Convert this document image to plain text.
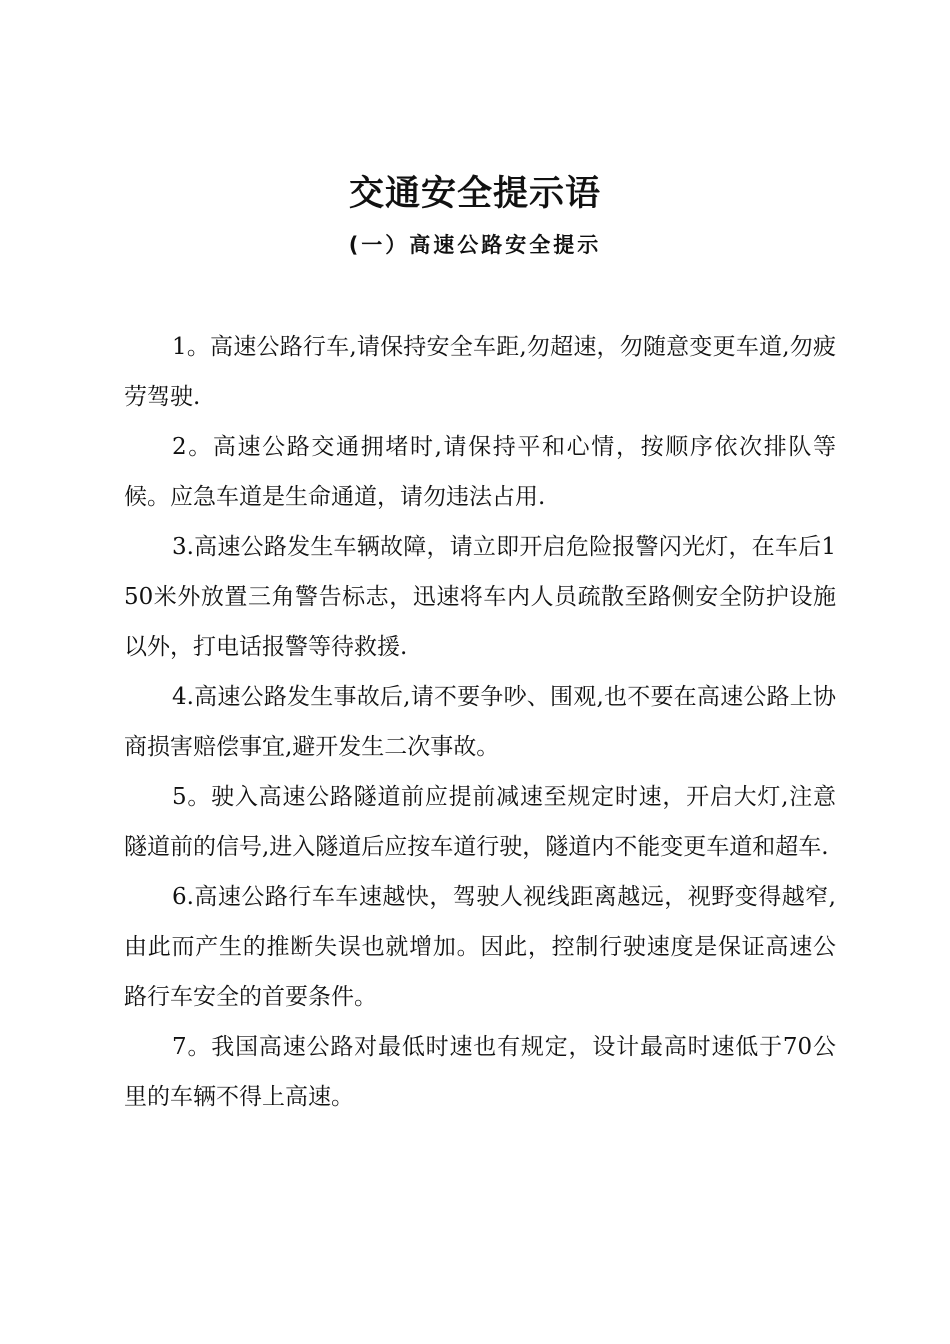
交通安全提示语
(一）高速公路安全提示

1。高速公路行车,请保持安全车距,勿超速，勿随意变更车道,勿疲劳驾驶.

2。高速公路交通拥堵时,请保持平和心情，按顺序依次排队等候。应急车道是生命通道，请勿违法占用.

3.高速公路发生车辆故障，请立即开启危险报警闪光灯，在车后150米外放置三角警告标志，迅速将车内人员疏散至路侧安全防护设施以外，打电话报警等待救援.

4.高速公路发生事故后,请不要争吵、围观,也不要在高速公路上协商损害赔偿事宜,避开发生二次事故。

5。驶入高速公路隧道前应提前减速至规定时速，开启大灯,注意隧道前的信号,进入隧道后应按车道行驶，隧道内不能变更车道和超车.

6.高速公路行车车速越快，驾驶人视线距离越远，视野变得越窄,由此而产生的推断失误也就增加。因此，控制行驶速度是保证高速公路行车安全的首要条件。

7。我国高速公路对最低时速也有规定，设计最高时速低于70公里的车辆不得上高速。
